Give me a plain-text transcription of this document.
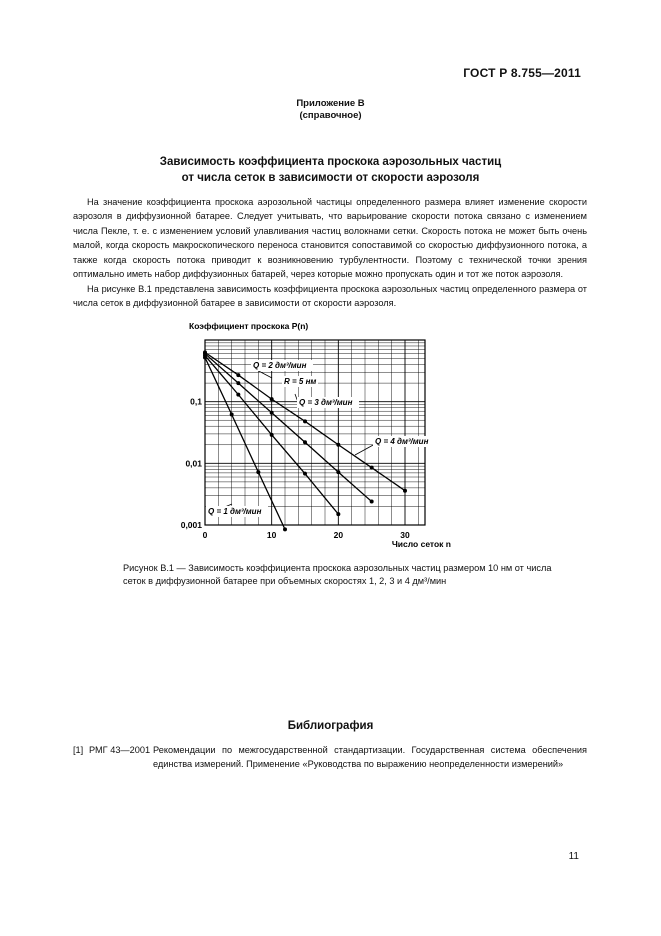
ГОСТ Р 8.755—2011
Приложение В
(справочное)
Зависимость коэффициента проскока аэрозольных частиц
от числа сеток в зависимости от скорости аэрозоля
На значение коэффициента проскока аэрозольной частицы определенного размера влияет изменение скорости аэрозоля в диффузионной батарее. Следует учитывать, что варьирование скорости потока связано с изменением числа Пекле, т. е. с изменением условий улавливания частиц волокнами сетки. Скорость потока не может быть очень малой, когда скорость макроскопического переноса становится сопоставимой со скоростью диффузионного потока, а также когда скорость потока приводит к возникновению турбулентности. Поэтому с технической точки зрения оптимально иметь набор диффузионных батарей, через которые можно пропускать один и тот же поток аэрозоля.
На рисунке В.1 представлена зависимость коэффициента проскока аэрозольных частиц определенного размера от числа сеток в диффузионной батарее в зависимости от скорости аэрозоля.
0,1
0,01
0,001
0	10	20	30
Коэффициент проскока P(n)
Число сеток n
Q = 1 дм³/мин
Q = 2 дм³/мин
Q = 3 дм³/мин
Q = 4 дм³/мин
R = 5 нм
Рисунок В.1 — Зависимость коэффициента проскока аэрозольных частиц размером 10 нм от числа сеток в диффузионной батарее при объемных скоростях 1, 2, 3 и 4 дм³/мин
Библиография
[1] РМГ 43—2001 Рекомендации по межгосударственной стандартизации. Государственная система обеспечения единства измерений. Применение «Руководства по выражению неопределенности измерений»
11
